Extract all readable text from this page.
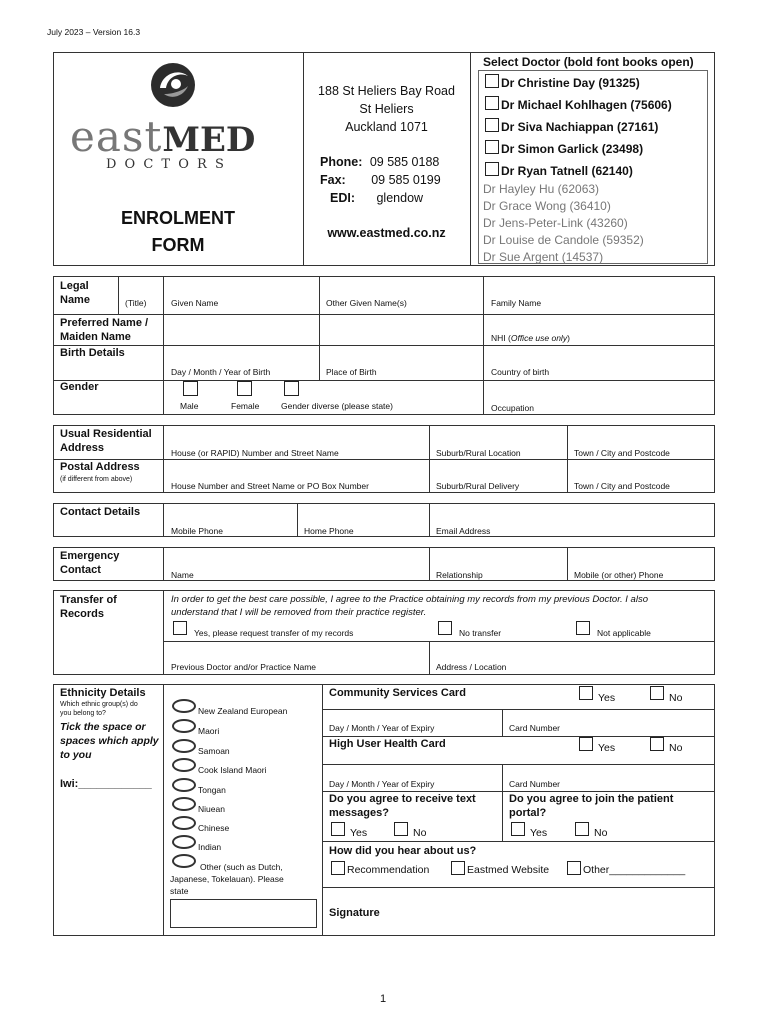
July 2023 – Version 16.3
eastMED
D O C T O R S
ENROLMENT
FORM
188 St Heliers Bay Road
St Heliers
Auckland 1071
Phone: 09 585 0188
Fax: 09 585 0199
EDI: glendow
www.eastmed.co.nz
Select Doctor (bold font books open)
Dr Christine Day (91325)
Dr Michael Kohlhagen (75606)
Dr Siva Nachiappan (27161)
Dr Simon Garlick (23498)
Dr Ryan Tatnell (62140)
Dr Hayley Hu (62063)
Dr Grace Wong (36410)
Dr Jens-Peter-Link (43260)
Dr Louise de Candole (59352)
Dr Sue Argent (14537)
Legal
Name	(Title)	Given Name	Other Given Name(s)	Family Name
Preferred Name /
Maiden Name	NHI (Office use only)
Birth Details
Day / Month / Year of Birth	Place of Birth	Country of birth
Gender
Male	Female	Gender diverse (please state)	Occupation
Usual Residential
Address	House (or RAPID) Number and Street Name	Suburb/Rural Location	Town / City and Postcode
Postal Address
(if different from above)
House Number and Street Name or PO Box Number	Suburb/Rural Delivery	Town / City and Postcode
Contact Details
Mobile Phone	Home Phone	Email Address
Emergency
Contact	Name	Relationship	Mobile (or other) Phone
Transfer of
Records
In order to get the best care possible, I agree to the Practice obtaining my records from my previous Doctor. I also
understand that I will be removed from their practice register.
Yes, please request transfer of my records	No transfer	Not applicable
Previous Doctor and/or Practice Name	Address / Location
Ethnicity Details
Which ethnic group(s) do
you belong to?
Tick the space or
spaces which apply
to you
Iwi:____________
New Zealand European
Maori
Samoan
Cook Island Maori
Tongan
Niuean
Chinese
Indian
Other (such as Dutch,
Japanese, Tokelauan). Please
state
Community Services Card	Yes	No
Day / Month / Year of Expiry	Card Number
High User Health Card	Yes	No
Day / Month / Year of Expiry	Card Number
Do you agree to receive text
messages?
Yes	No
Do you agree to join the patient
portal?
Yes	No
How did you hear about us?
Recommendation	Eastmed Website	Other_____________
Signature
1
